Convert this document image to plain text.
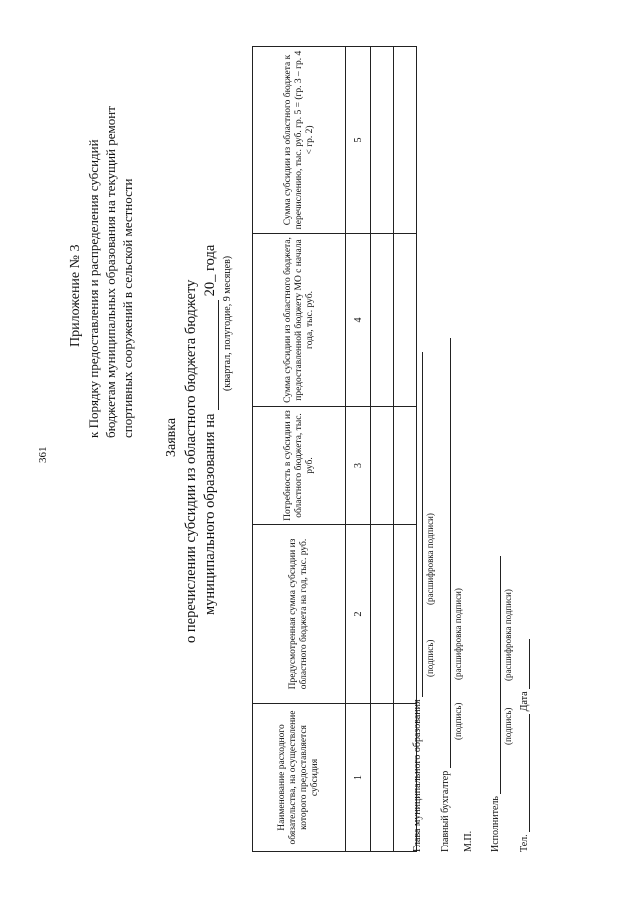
361
Приложение № 3 к Порядку предоставления и распределения субсидий бюджетам муниципальных образования на текущий ремонт спортивных сооружений в сельской местности Заявка о перечислении субсидии из областного бюджета бюджету муниципального образования на  20_ года (квартал, полугодие, 9 месяцев)
Наименование расходного обязательства, на осуществление которого предоставляется субсидия	Предусмотренная сумма субсидии из областного бюджета на год, тыс. руб.	Потребность в субсидии из областного бюджета, тыс. руб.	Сумма субсидии из областного бюджета, предоставленной бюджету МО с начала года, тыс. руб.	Сумма субсидии из областного бюджета к перечислению, тыс. руб. гр. 5 = (гр. 3 – гр. 4 < гр. 2)
1	2	3	4	5

Глава муниципального образования
(подпись)
(расшифровка подписи)
Главный бухгалтер
(подпись)
(расшифровка подписи)
М.П. Исполнитель
(подпись)
(расшифровка подписи)
Тел.  Дата
